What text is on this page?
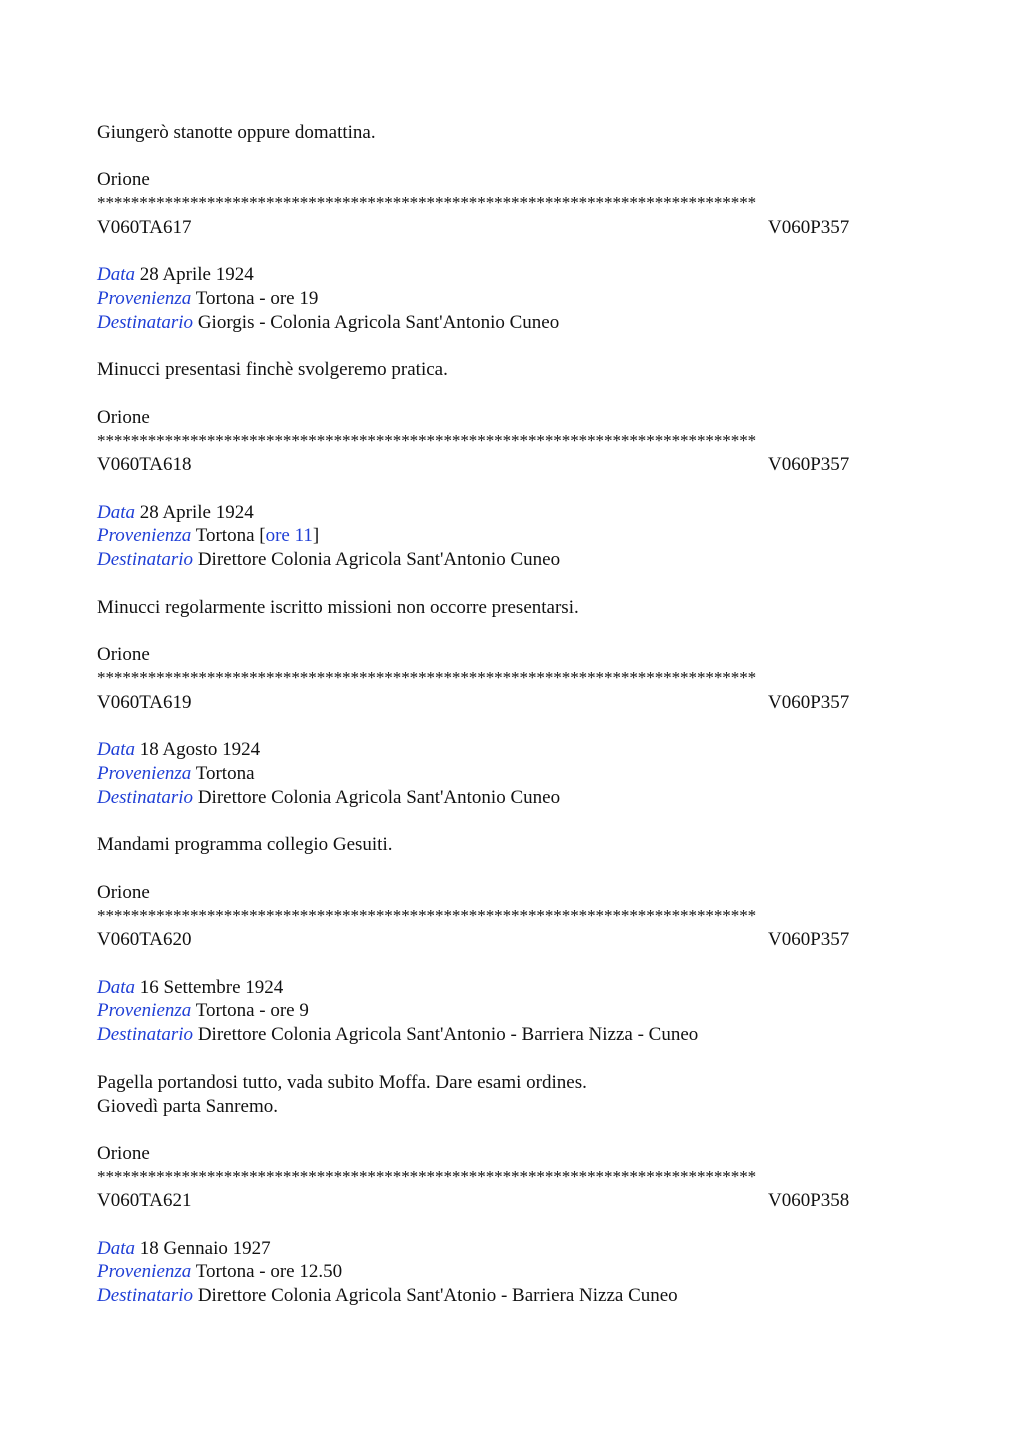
Giungerò stanotte oppure domattina.
Orione
******************************************************************************
V060TA617	V060P357
Data 28 Aprile 1924
Provenienza Tortona - ore 19
Destinatario Giorgis - Colonia Agricola Sant'Antonio Cuneo
Minucci presentasi finchè svolgeremo pratica.
Orione
******************************************************************************
V060TA618	V060P357
Data 28 Aprile 1924
Provenienza Tortona [ore 11]
Destinatario Direttore Colonia Agricola Sant'Antonio Cuneo
Minucci regolarmente iscritto missioni non occorre presentarsi.
Orione
******************************************************************************
V060TA619	V060P357
Data 18 Agosto 1924
Provenienza Tortona
Destinatario Direttore Colonia Agricola Sant'Antonio Cuneo
Mandami programma collegio Gesuiti.
Orione
******************************************************************************
V060TA620	V060P357
Data 16 Settembre 1924
Provenienza Tortona - ore 9
Destinatario Direttore Colonia Agricola Sant'Antonio - Barriera Nizza - Cuneo
Pagella portandosi tutto, vada subito Moffa. Dare esami ordines.
Giovedì parta Sanremo.
Orione
******************************************************************************
V060TA621	V060P358
Data 18 Gennaio 1927
Provenienza Tortona - ore 12.50
Destinatario Direttore Colonia Agricola Sant'Atonio - Barriera Nizza Cuneo
